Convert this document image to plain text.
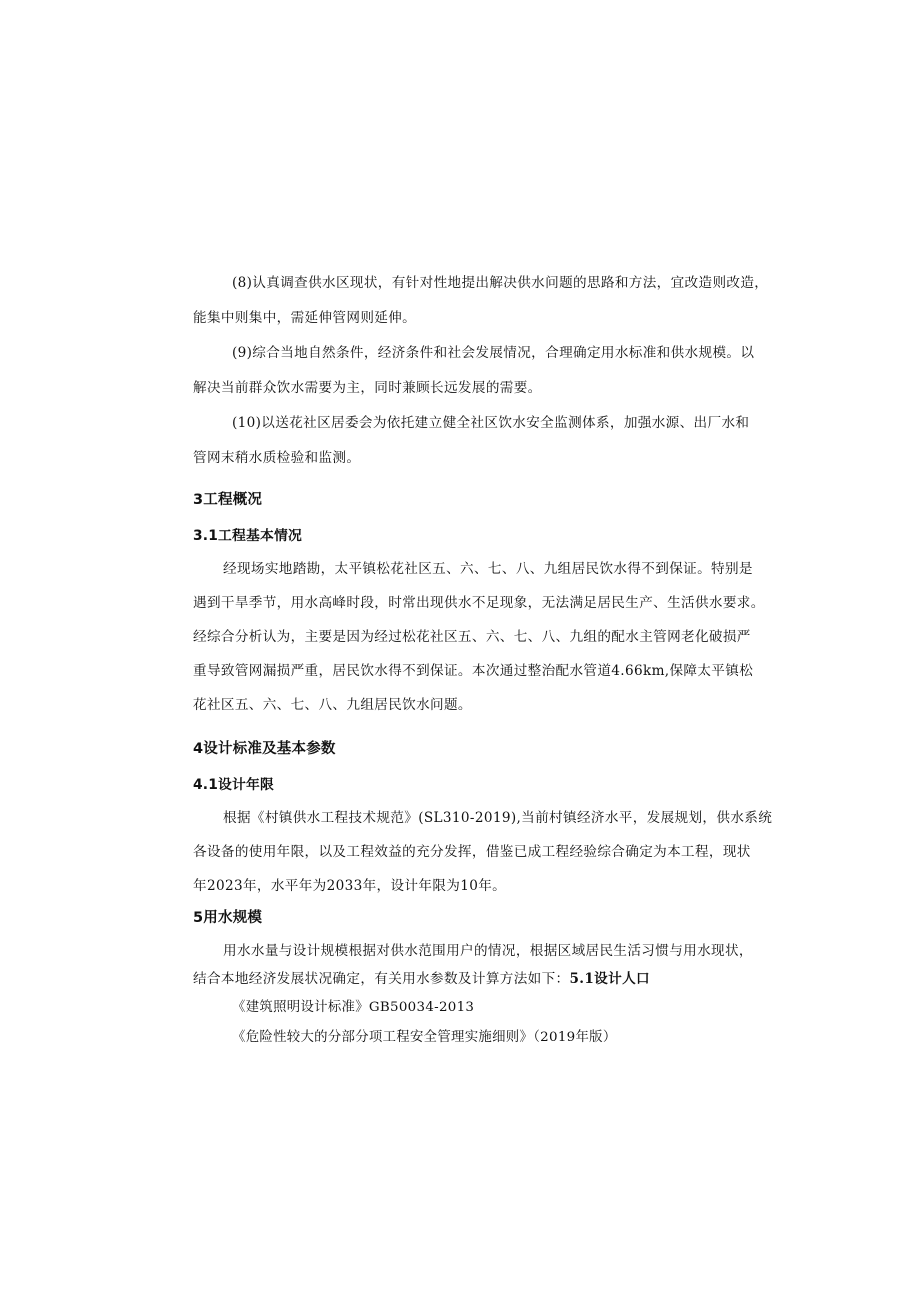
(8)认真调查供水区现状，有针对性地提出解决供水问题的思路和方法，宜改造则改造，
能集中则集中，需延伸管网则延伸。
(9)综合当地自然条件，经济条件和社会发展情况，合理确定用水标准和供水规模。以
解决当前群众饮水需要为主，同时兼顾长远发展的需要。
(10)以送花社区居委会为依托建立健全社区饮水安全监测体系，加强水源、出厂水和
管网末稍水质检验和监测。
3工程概况
3.1工程基本情况
经现场实地踏勘，太平镇松花社区五、六、七、八、九组居民饮水得不到保证。特别是
遇到干旱季节，用水高峰时段，时常出现供水不足现象，无法满足居民生产、生活供水要求。
经综合分析认为，主要是因为经过松花社区五、六、七、八、九组的配水主管网老化破损严
重导致管网漏损严重，居民饮水得不到保证。本次通过整治配水管道4.66km,保障太平镇松
花社区五、六、七、八、九组居民饮水问题。
4设计标准及基本参数
4.1设计年限
根据《村镇供水工程技术规范》(SL310-2019),当前村镇经济水平，发展规划，供水系统
各设备的使用年限，以及工程效益的充分发挥，借鉴已成工程经验综合确定为本工程，现状
年2023年，水平年为2033年，设计年限为10年。
5用水规模
用水水量与设计规模根据对供水范围用户的情况，根据区域居民生活习惯与用水现状，
结合本地经济发展状况确定，有关用水参数及计算方法如下：5.1设计人口
《建筑照明设计标准》GB50034-2013
《危险性较大的分部分项工程安全管理实施细则》（2019年版）
